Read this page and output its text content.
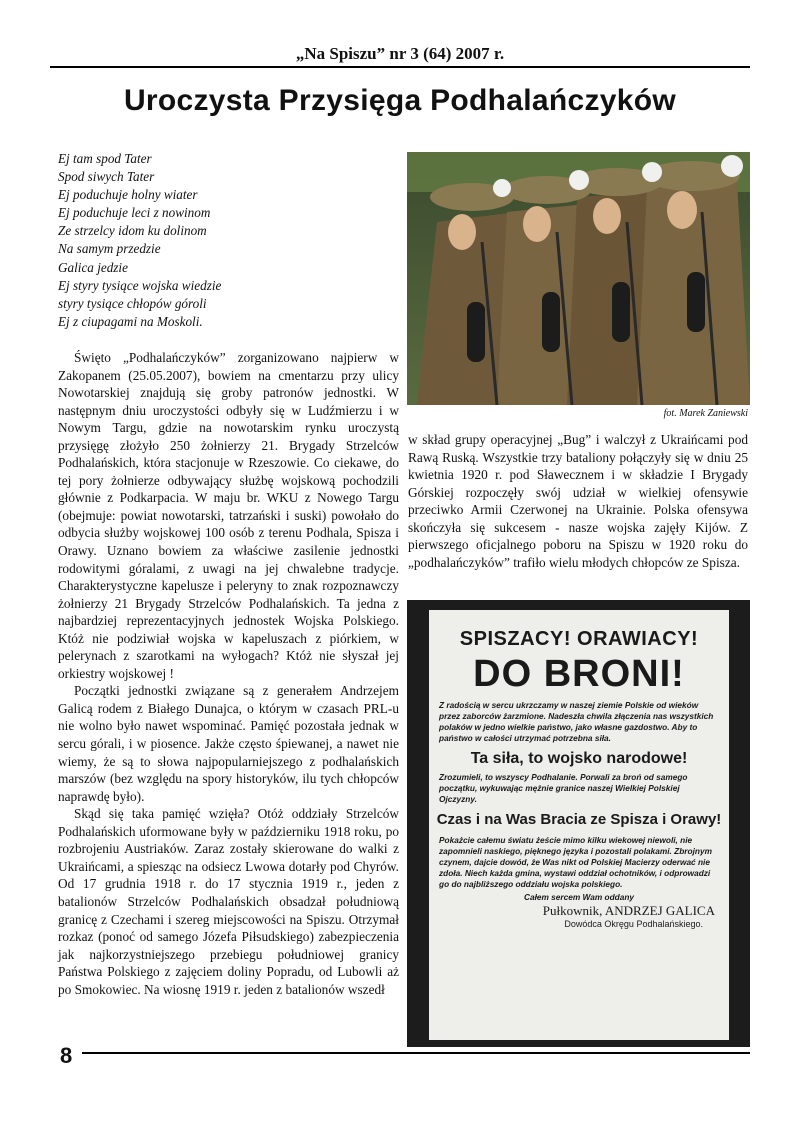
„Na Spiszu” nr 3 (64) 2007 r.
Uroczysta Przysięga Podhalańczyków
Ej tam spod Tater
Spod siwych Tater
Ej poduchuje holny wiater
Ej poduchuje leci z nowinom
Ze strzelcy idom ku dolinom
Na samym przedzie
Galica jedzie
Ej styry tysiące wojska wiedzie
styry tysiące chłopów góroli
Ej z ciupagami na Moskoli.

Święto „Podhalańczyków” zorganizowano najpierw w Zakopanem (25.05.2007), bowiem na cmentarzu przy ulicy Nowotarskiej znajdują się groby patronów jednostki. W następnym dniu uroczystości odbyły się w Ludźmierzu i w Nowym Targu, gdzie na nowotarskim rynku uroczystą przysięgę złożyło 250 żołnierzy 21. Brygady Strzelców Podhalańskich, która stacjonuje w Rzeszowie. Co ciekawe, do tej pory żołnierze odbywający służbę wojskową pochodzili głównie z Podkarpacia. W maju br. WKU z Nowego Targu (obejmuje: powiat nowotarski, tatrzański i suski) powołało do odbycia służby wojskowej 100 osób z terenu Podhala, Spisza i Orawy. Uznano bowiem za właściwe zasilenie jednostki rodowitymi góralami, z uwagi na jej chwalebne tradycje. Charakterystyczne kapelusze i peleryny to znak rozpoznawczy żołnierzy 21 Brygady Strzelców Podhalańskich. Ta jedna z najbardziej reprezentacyjnych jednostek Wojska Polskiego. Któż nie podziwiał wojska w kapeluszach z piórkiem, w pelerynach z szarotkami na wyłogach? Któż nie słyszał jej orkiestry wojskowej !

Początki jednostki związane są z generałem Andrzejem Galicą rodem z Białego Dunajca, o którym w czasach PRL-u nie wolno było nawet wspominać. Pamięć pozostała jednak w sercu górali, i w piosence. Jakże często śpiewanej, a nawet nie wiemy, że są to słowa najpopularniejszego z podhalańskich marszów (bez względu na spory historyków, ilu tych chłopców naprawdę było).

Skąd się taka pamięć wzięła? Otóż oddziały Strzelców Podhalańskich uformowane były w październiku 1918 roku, po rozbrojeniu Austriaków. Zaraz zostały skierowane do walki z Ukraińcami, a spiesząc na odsiecz Lwowa dotarły pod Chyrów. Od 17 grudnia 1918 r. do 17 stycznia 1919 r., jeden z batalionów Strzelców Podhalańskich obsadzał południową granicę z Czechami i szereg miejscowości na Spiszu. Otrzymał rozkaz (ponoć od samego Józefa Piłsudskiego) zabezpieczenia jak najkorzystniejszego przebiegu południowej granicy Państwa Polskiego z zajęciem doliny Popradu, od Lubowli aż po Smokowiec. Na wiosnę 1919 r. jeden z batalionów wszedł

fot. Marek Zaniewski

w skład grupy operacyjnej „Bug” i walczył z Ukraińcami pod Rawą Ruską. Wszystkie trzy bataliony połączyły się w dniu 25 kwietnia 1920 r. pod Sławecznem i w składzie I Brygady Górskiej rozpoczęły swój udział w wielkiej ofensywie przeciwko Armii Czerwonej na Ukrainie. Polska ofensywa skończyła się sukcesem - nasze wojska zajęły Kijów. Z pierwszego oficjalnego poboru na Spiszu w 1920 roku do „podhalańczyków” trafiło wielu młodych chłopców ze Spisza.

SPISZACY! ORAWIACY!
DO BRONI!
Z radością w sercu ukrzczamy w naszej ziemie Polskie od wieków przez zaborców żarzmione. Nadeszła chwila złączenia nas wszystkich polaków w jedno wielkie państwo, jako własne gazdostwo. Aby to państwo w całości utrzymać potrzebna siła.
Ta siła, to wojsko narodowe!
Zrozumieli, to wszyscy Podhalanie. Porwali za broń od samego początku, wykuwając mężnie granice naszej Wielkiej Polskiej Ojczyzny.
Czas i na Was Bracia ze Spisza i Orawy!
Pokażcie całemu światu żeście mimo kilku wiekowej niewoli, nie zapomnieli naskiego, pięknego języka i pozostali polakami. Zbrojnym czynem, dajcie dowód, że Was nikt od Polskiej Macierzy oderwać nie zdoła. Niech każda gmina, wystawi oddział ochotników, i odprowadzi go do najbliższego oddziału wojska polskiego.
Całem sercem Wam oddany
Pułkownik, ANDRZEJ GALICA
Dowódca Okręgu Podhalańskiego.
8
